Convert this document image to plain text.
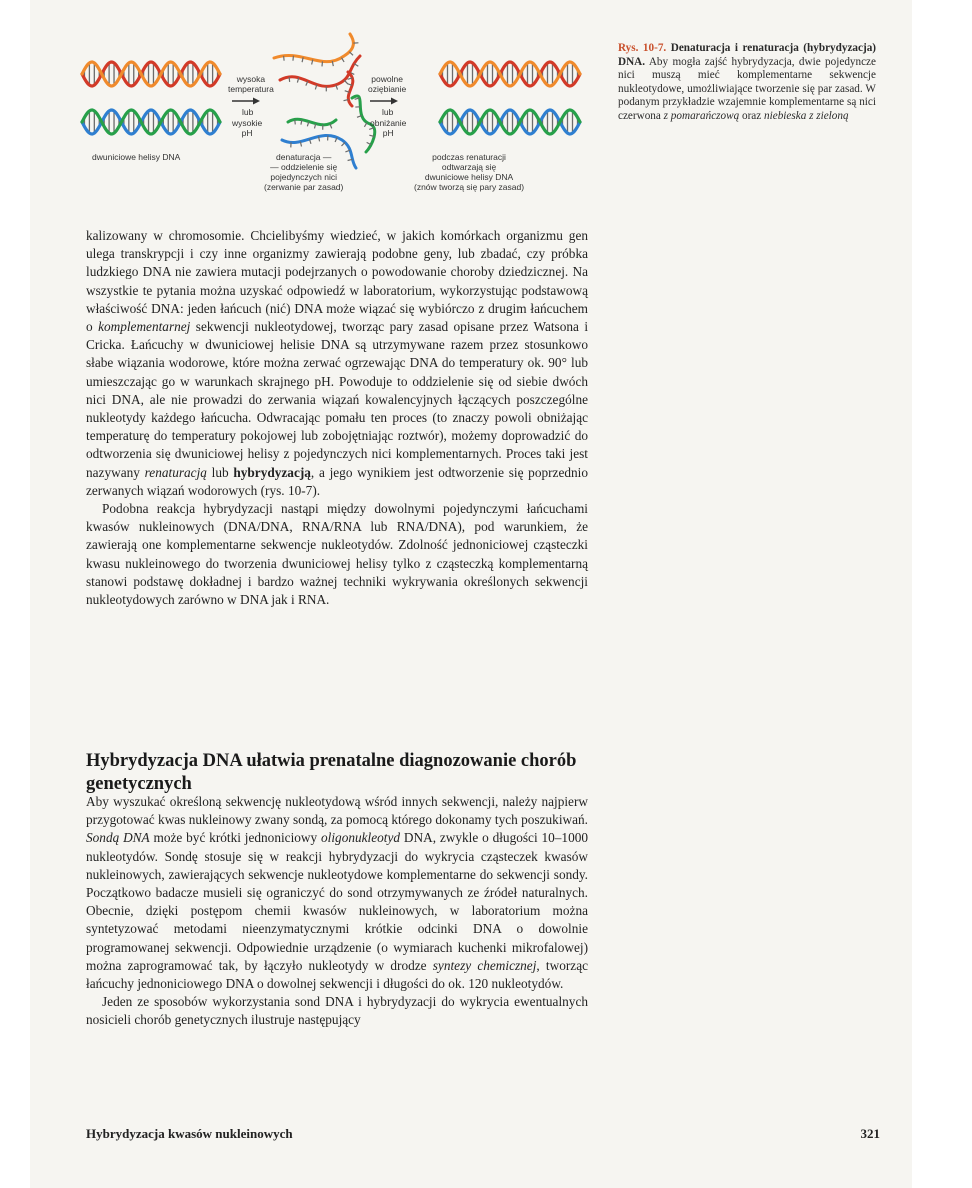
wysoka
temperatura
lub
wysokie
pH
powolne
oziębianie
lub
obniżanie
pH
dwuniciowe helisy DNA	denaturacja —
— oddzielenie się
pojedynczych nici
(zerwanie par zasad)
podczas renaturacji
odtwarzają się
dwuniciowe helisy DNA
(znów tworzą się pary zasad)
Rys. 10-7. Denaturacja i renaturacja (hybrydyzacja) DNA. Aby mogła zajść hybrydyzacja, dwie pojedyncze nici muszą mieć komplementarne sekwencje nukleotydowe, umożliwiające tworzenie się par zasad. W podanym przykładzie wzajemnie komplementarne są nici czerwona z pomarańczową oraz niebieska z zieloną

kalizowany w chromosomie. Chcielibyśmy wiedzieć, w jakich komórkach organizmu gen ulega transkrypcji i czy inne organizmy zawierają podobne geny, lub zbadać, czy próbka ludzkiego DNA nie zawiera mutacji podejrzanych o powodowanie choroby dziedzicznej. Na wszystkie te pytania można uzyskać odpowiedź w laboratorium, wykorzystując podstawową właściwość DNA: jeden łańcuch (nić) DNA może wiązać się wybiórczo z drugim łańcuchem o komplementarnej sekwencji nukleotydowej, tworząc pary zasad opisane przez Watsona i Cricka. Łańcuchy w dwuniciowej helisie DNA są utrzymywane razem przez stosunkowo słabe wiązania wodorowe, które można zerwać ogrzewając DNA do temperatury ok. 90° lub umieszczając go w warunkach skrajnego pH. Powoduje to oddzielenie się od siebie dwóch nici DNA, ale nie prowadzi do zerwania wiązań kowalencyjnych łączących poszczególne nukleotydy każdego łańcucha. Odwracając pomału ten proces (to znaczy powoli obniżając temperaturę do temperatury pokojowej lub zobojętniając roztwór), możemy doprowadzić do odtworzenia się dwuniciowej helisy z pojedynczych nici komplementarnych. Proces taki jest nazywany renaturacją lub hybrydyzacją, a jego wynikiem jest odtworzenie się poprzednio zerwanych wiązań wodorowych (rys. 10-7).

Podobna reakcja hybrydyzacji nastąpi między dowolnymi pojedynczymi łańcuchami kwasów nukleinowych (DNA/DNA, RNA/RNA lub RNA/DNA), pod warunkiem, że zawierają one komplementarne sekwencje nukleotydów. Zdolność jednoniciowej cząsteczki kwasu nukleinowego do tworzenia dwuniciowej helisy tylko z cząsteczką komplementarną stanowi podstawę dokładnej i bardzo ważnej techniki wykrywania określonych sekwencji nukleotydowych zarówno w DNA jak i RNA.

Hybrydyzacja DNA ułatwia prenatalne diagnozowanie chorób genetycznych

Aby wyszukać określoną sekwencję nukleotydową wśród innych sekwencji, należy najpierw przygotować kwas nukleinowy zwany sondą, za pomocą którego dokonamy tych poszukiwań. Sondą DNA może być krótki jednoniciowy oligonukleotyd DNA, zwykle o długości 10–1000 nukleotydów. Sondę stosuje się w reakcji hybrydyzacji do wykrycia cząsteczek kwasów nukleinowych, zawierających sekwencje nukleotydowe komplementarne do sekwencji sondy. Początkowo badacze musieli się ograniczyć do sond otrzymywanych ze źródeł naturalnych. Obecnie, dzięki postępom chemii kwasów nukleinowych, w laboratorium można syntetyzować metodami nieenzymatycznymi krótkie odcinki DNA o dowolnie programowanej sekwencji. Odpowiednie urządzenie (o wymiarach kuchenki mikrofalowej) można zaprogramować tak, by łączyło nukleotydy w drodze syntezy chemicznej, tworząc łańcuchy jednoniciowego DNA o dowolnej sekwencji i długości do ok. 120 nukleotydów.

Jeden ze sposobów wykorzystania sond DNA i hybrydyzacji do wykrycia ewentualnych nosicieli chorób genetycznych ilustruje następujący

Hybrydyzacja kwasów nukleinowych	321
